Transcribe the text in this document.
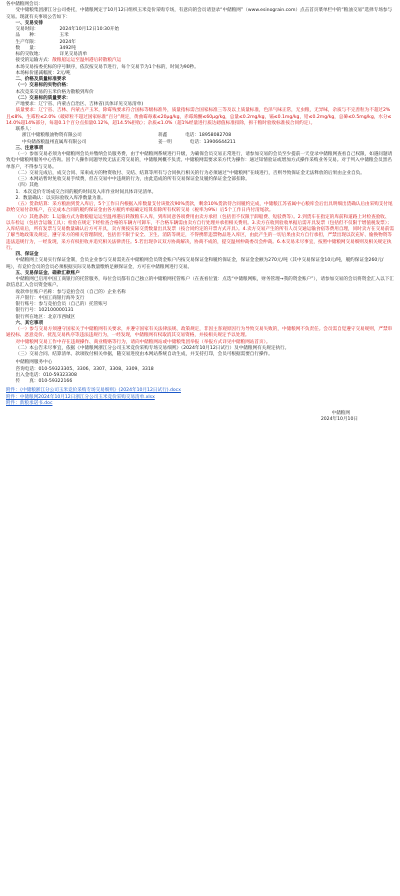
各中储粮网会员：

受中储粮集团浙江分公司委托，中储粮网定于10月12日组织玉米竞价采购专场，有意向的会员请登录“中储粮网”（www.esinograin.com）点击首页菜单栏中的“粮油交易”选择专场参与交易。现就有关事项公告如下：

一、交易安排

交易时间：	2024年10月12日10:30开始

品　　种：	玉米

生产年限：	2024年

数　　量：	3492吨

标的交收地：	详见交易清单

接受的运输方式：散粮船运运至温州港后转散粮汽运

本场交易按委托标的序号顺序，依次按交易节进行，每个交易节为1个标的，时间为90秒。

本场标价递减幅度：2元/吨

二、价格及质量标准要求

（一）交易标的实物价格：

本次竞采交易的玉米价格为散粮到库价

（二）交易标的质量要求：

产地要求：辽宁省、内蒙古自治区、吉林省(具体详见交易清单)

质量要求：辽宁省、吉林、内蒙古产玉米，除霉残要求符合国标等级标准外，质量指标需合国家标准三等及以上质量标准，色泽气味正常，无虫粮，无异味，杂质与不完善粒为不超过2%且≤8%、生霉粒≤2.0%（破碎粒不超过国家标准“百分”规定，黄曲霉毒素≤20μg/kg，赤霉烯酮≤60μg/kg，总量≤0.2mg/kg，镉≤0.1mg/kg，铅≤0.2mg/kg，总砷≤0.5mg/kg，水分≤14.0%超14%部分，每超0.1个百分点扣量0.12%，超14.5%拒收）；杂质≤1.0%（超1%经量进行质达磅值标准扣除，拆干粮时验收标准按合同约定）。

联系人：

浙江中储粮粮油物资有限公司	蒋鑫	电话：18958082708

中央储备粮温州直属库有限公司	姜一明	电话：13906644211

三、注意事项

（一）参加交易必须为中储粮网会员并缴纳会员服务费，由于中储粮网系统进行升级，为确保会员交易正常进行，请参加交易的会员至少提前一天登录中储粮网查看自己权限，如遇问题请致电中储粮网服务中心咨询。因个人操作问题导致无法正常交易的，中储粮网概不负责。中储粮网需要求采方代为操作：通过知情验证或增加方式操作采购业务交易。对于列入中储粮会员黑名单客户，不得参与交易。

（二）交易完成后，成交合同、采束成方的物资收付、交结、结算等所有与合同执行相关的行为必须通过“中储粮网”在线进行，否则导致保证金无法释放的后果由企业自负。

（三）本网站暂时免收交易手续费，但在交易中中违规的行为，由此造成的所有交易保证金及履约保证金全部扣除。

（四）其他

1．本次竞价专场成交合同的履约时间及入库作业时间具体详见清单。

2．数量确认：以实际验收入库净数量为准。

（五）货款结算：采方粮油到货入库后，5个工作日内根据入库数量支付该批次90%货款，剩余10%货款待合同履约完成，中储粮江苏省属中心粮库会后出具明细出货确认后由采购支付尾款给交易付款账户，在完成本合同的履约保证金由各方履约单据确定结算扣除所有权转交易（税率为9%）后5个工作日内付清尾款。

（六）其他条款：1.运输方式为散粮船运运至温州港后转散粮车入库，到库同意各项费用由卖方承担（包括但不仅限于卸船费、短驳费等）。2.到货车在指定的库前和道路上对检查验收、以车检运（包括含运输工具）；检验在规定下经检查合格的车辆方可卸车，不合格车辆需由卖方自行处理并承担相关费用。3.卖方在收到验收单据后需开具发票（包括但不仅限于增值税发票）；入库结束后，所有发票与交易数量确认后方可开具，卖方须按实际交货数量出具发票（按合同约定的开票方式开具）。4.卖方交易产生的所有人员交通运输食宿等费用自理，同时卖方在交易前需了解当地政策及规定，遵守采方的相关管理制度，包括但不限于安全、卫生、消防等规定，不得携带违禁物品进入库区，由此产生的一切后果由卖方自行承担，严禁出现以次充好、偷换物资等违法违规行为，一经发现，采方有权拒收并追究相关法律责任。5.若出现争议双方协商解决，协商不成的，提交温州仲裁委员会仲裁。6.本交易未尽事宜，按照中储粮网交易细则及相关规定执行。

四、保证金

中储粮网上交易实行保证金制，会员企业参与交易需先在中储粮网会员资金账户内按交易保证金和履约保证金，保证金金额为270元/吨（其中交易保证金10元/吨，履约保证金260元/吨），有竞价会员的会员必须根据实际交易数量缴纳足额保证金，方可在中储粮网进行交易。

五、交易保证金、磋款汇款账户

中储粮网已启用中国工商银行的托管服务，每位会员都有自己独立的中储粮网托管账户（在查看位置：点选“中储粮网账，财务管理→我的资金账户”），请参加交易的会员将资金汇入以下汇款信息汇入会员资金账户。

收款单位账户名称：参与竞拍会员（自己的）企业名称

开户银行：中国工商银行海外支行

银行账号：参与竞拍会员（自己的）托管账号

银行行号：102100000131

银行所在地区：北京市西城区

六、其它事项

（一）参与交易方须遵守国家关于中储粮网有关要求，并遵守国家有关法律法规、政策规定，非因主客观原因行为导致交易失败的，中储粮网不负责任。会员需自觉遵守交易规则，严禁串通投标、恶意竞价、扰乱交易秩序等违法违规行为，一经发现，中储粮网有权取消其交易资格，并按相关规定予以处理。

对中储粮网交易工作中存在违规操作、商业贿赂等行为，请向中储粮网站或中储粮集团举报（举报方式详见中储粮网站首页）。

（二）本公告未尽事宜，依据《中储粮网浙江分公司玉米竞价采购专场交易细则》（2024年10月12日试行）及中储粮网有关规定执行。

（三）交易合同、结算清单、款项收付相关单据，随交易进度由本网站系统自动生成，并支持打印，会员可根据需要自行操作。

中储粮网服务中心

咨询电话：010-59323305、3306、3307、3308、3309、3318

出入金电话：010-59323308

传　　真：010-59322166

附件：《中储粮浙江分公司玉米竞价采购专场交易细则》(2024年10月12日试行).docx
附件：中储粮网2024年10月12日浙江分公司玉米竞价采购交易清单.xlsx
附件：新粮承诺书.doc
中储粮网
2024年10月10日
